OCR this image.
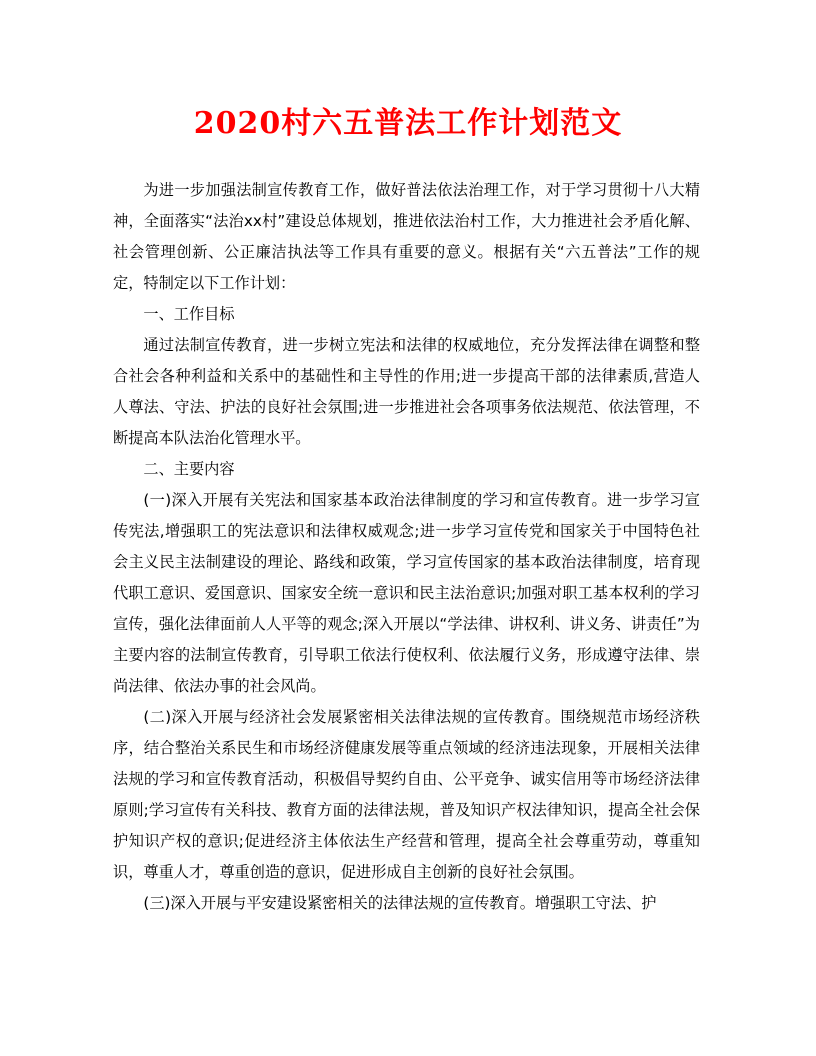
2020村六五普法工作计划范文

为进一步加强法制宣传教育工作，做好普法依法治理工作，对于学习贯彻十八大精神，全面落实“法治xx村”建设总体规划，推进依法治村工作，大力推进社会矛盾化解、社会管理创新、公正廉洁执法等工作具有重要的意义。根据有关“六五普法”工作的规定，特制定以下工作计划：

一、工作目标

通过法制宣传教育，进一步树立宪法和法律的权威地位，充分发挥法律在调整和整合社会各种利益和关系中的基础性和主导性的作用;进一步提高干部的法律素质,营造人人尊法、守法、护法的良好社会氛围;进一步推进社会各项事务依法规范、依法管理，不断提高本队法治化管理水平。

二、主要内容

(一)深入开展有关宪法和国家基本政治法律制度的学习和宣传教育。进一步学习宣传宪法,增强职工的宪法意识和法律权威观念;进一步学习宣传党和国家关于中国特色社会主义民主法制建设的理论、路线和政策，学习宣传国家的基本政治法律制度，培育现代职工意识、爱国意识、国家安全统一意识和民主法治意识;加强对职工基本权利的学习宣传，强化法律面前人人平等的观念;深入开展以“学法律、讲权利、讲义务、讲责任”为主要内容的法制宣传教育，引导职工依法行使权利、依法履行义务，形成遵守法律、崇尚法律、依法办事的社会风尚。

(二)深入开展与经济社会发展紧密相关法律法规的宣传教育。围绕规范市场经济秩序，结合整治关系民生和市场经济健康发展等重点领域的经济违法现象，开展相关法律法规的学习和宣传教育活动，积极倡导契约自由、公平竞争、诚实信用等市场经济法律原则;学习宣传有关科技、教育方面的法律法规，普及知识产权法律知识，提高全社会保护知识产权的意识;促进经济主体依法生产经营和管理，提高全社会尊重劳动，尊重知识，尊重人才，尊重创造的意识，促进形成自主创新的良好社会氛围。

(三)深入开展与平安建设紧密相关的法律法规的宣传教育。增强职工守法、护
